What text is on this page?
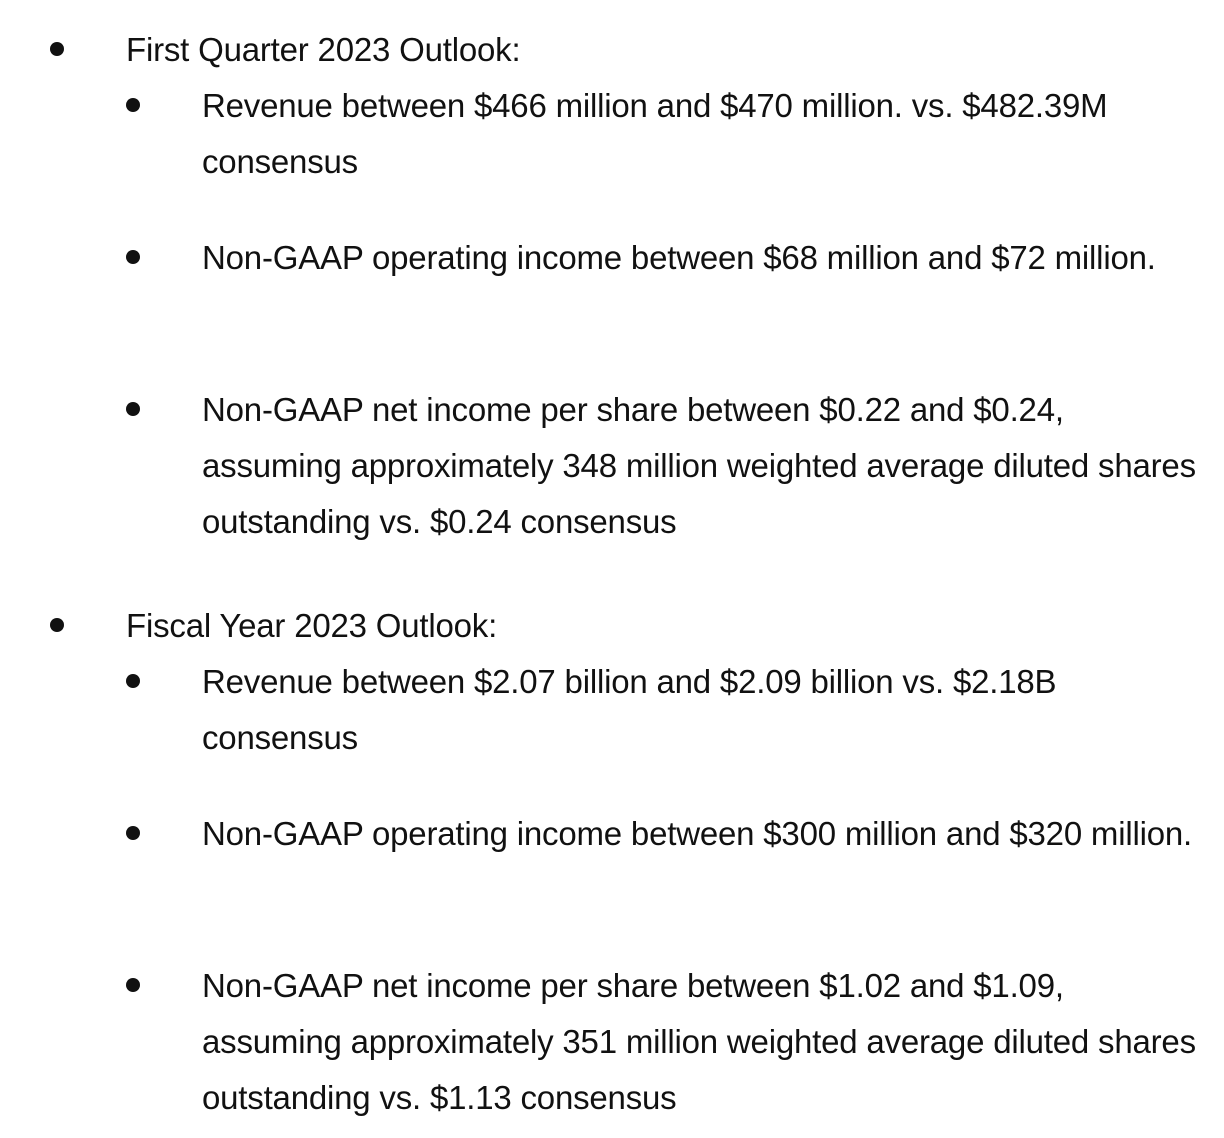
First Quarter 2023 Outlook:
Revenue between $466 million and $470 million. vs. $482.39M consensus
Non-GAAP operating income between $68 million and $72 million.
Non-GAAP net income per share between $0.22 and $0.24, assuming approximately 348 million weighted average diluted shares outstanding vs. $0.24 consensus
Fiscal Year 2023 Outlook:
Revenue between $2.07 billion and $2.09 billion vs. $2.18B consensus
Non-GAAP operating income between $300 million and $320 million.
Non-GAAP net income per share between $1.02 and $1.09, assuming approximately 351 million weighted average diluted shares outstanding vs. $1.13 consensus
